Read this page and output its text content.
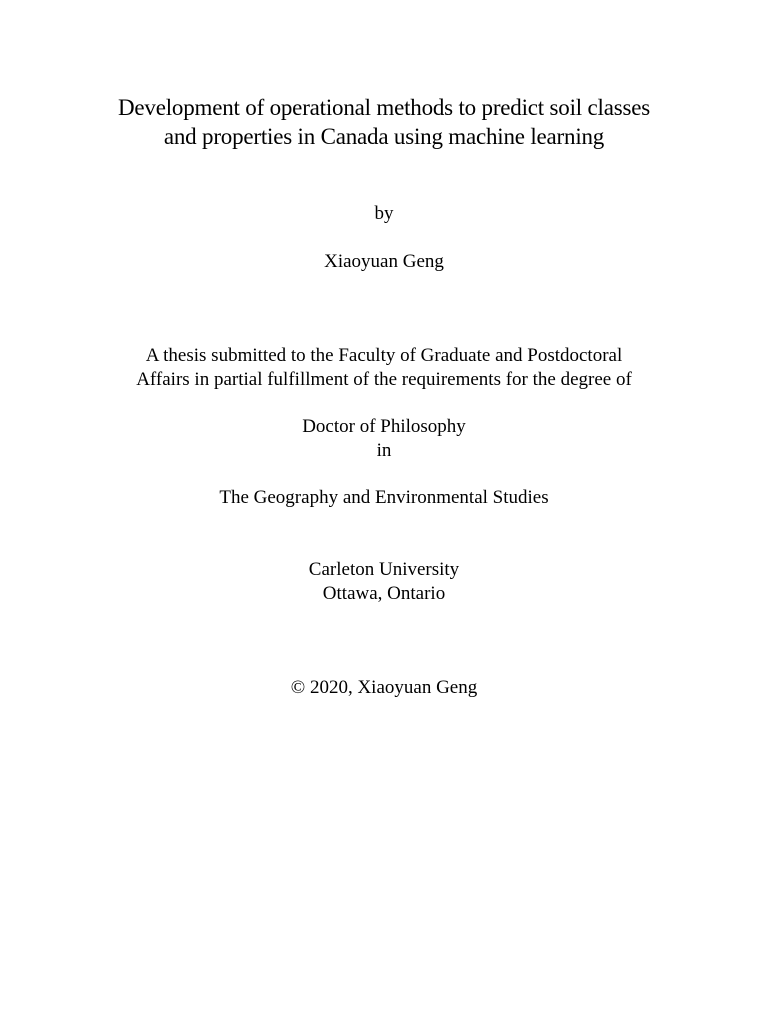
Development of operational methods to predict soil classes
and properties in Canada using machine learning
by
Xiaoyuan Geng
A thesis submitted to the Faculty of Graduate and Postdoctoral
Affairs in partial fulfillment of the requirements for the degree of
Doctor of Philosophy
in
The Geography and Environmental Studies
Carleton University
Ottawa, Ontario
© 2020, Xiaoyuan Geng
